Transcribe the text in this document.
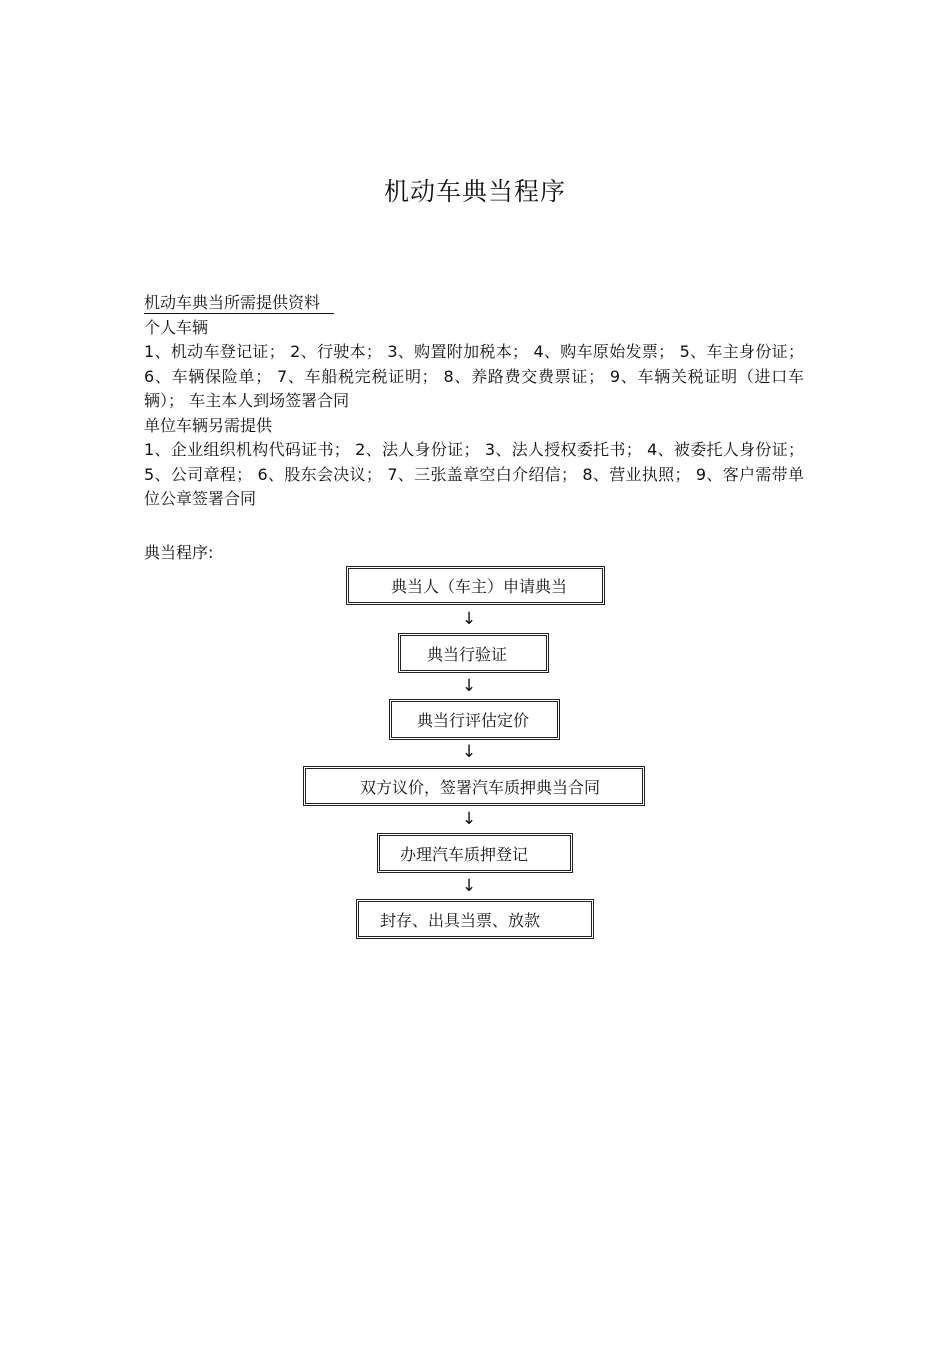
机动车典当程序

机动车典当所需提供资料

个人车辆

1、机动车登记证； 2、行驶本； 3、购置附加税本； 4、购车原始发票； 5、车主身份证； 6、车辆保险单； 7、车船税完税证明； 8、养路费交费票证； 9、车辆关税证明（进口车辆）； 车主本人到场签署合同

单位车辆另需提供

1、企业组织机构代码证书； 2、法人身份证； 3、法人授权委托书； 4、被委托人身份证； 5、公司章程； 6、股东会决议； 7、三张盖章空白介绍信； 8、营业执照； 9、客户需带单位公章签署合同

典当程序:
典当人（车主）申请典当
↓
典当行验证
↓
典当行评估定价
↓
双方议价，签署汽车质押典当合同
↓
办理汽车质押登记
↓
封存、出具当票、放款
